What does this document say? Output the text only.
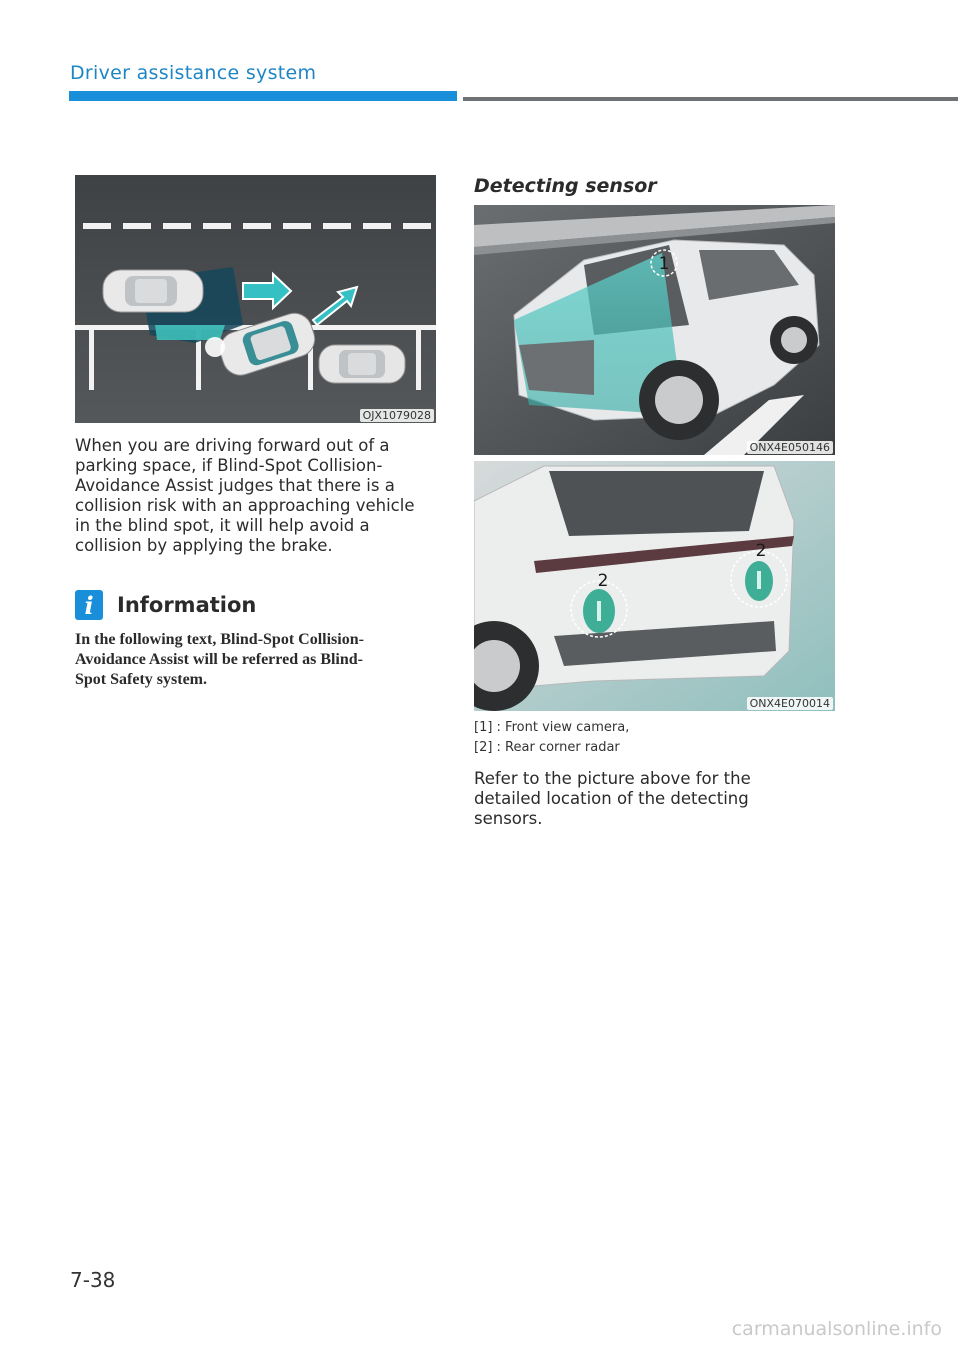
Driver assistance system
OJX1079028
When you are driving forward out of a
parking space, if Blind-Spot Collision-
Avoidance Assist judges that there is a
collision risk with an approaching vehicle
in the blind spot, it will help avoid a
collision by applying the brake.
i	Information
In the following text, Blind-Spot Collision-
Avoidance Assist will be referred as Blind-
Spot Safety system.
Detecting sensor
1
ONX4E050146
2
2
ONX4E070014
[1] : Front view camera,
[2] : Rear corner radar
Refer to the picture above for the
detailed location of the detecting
sensors.
7-38
carmanualsonline.info
